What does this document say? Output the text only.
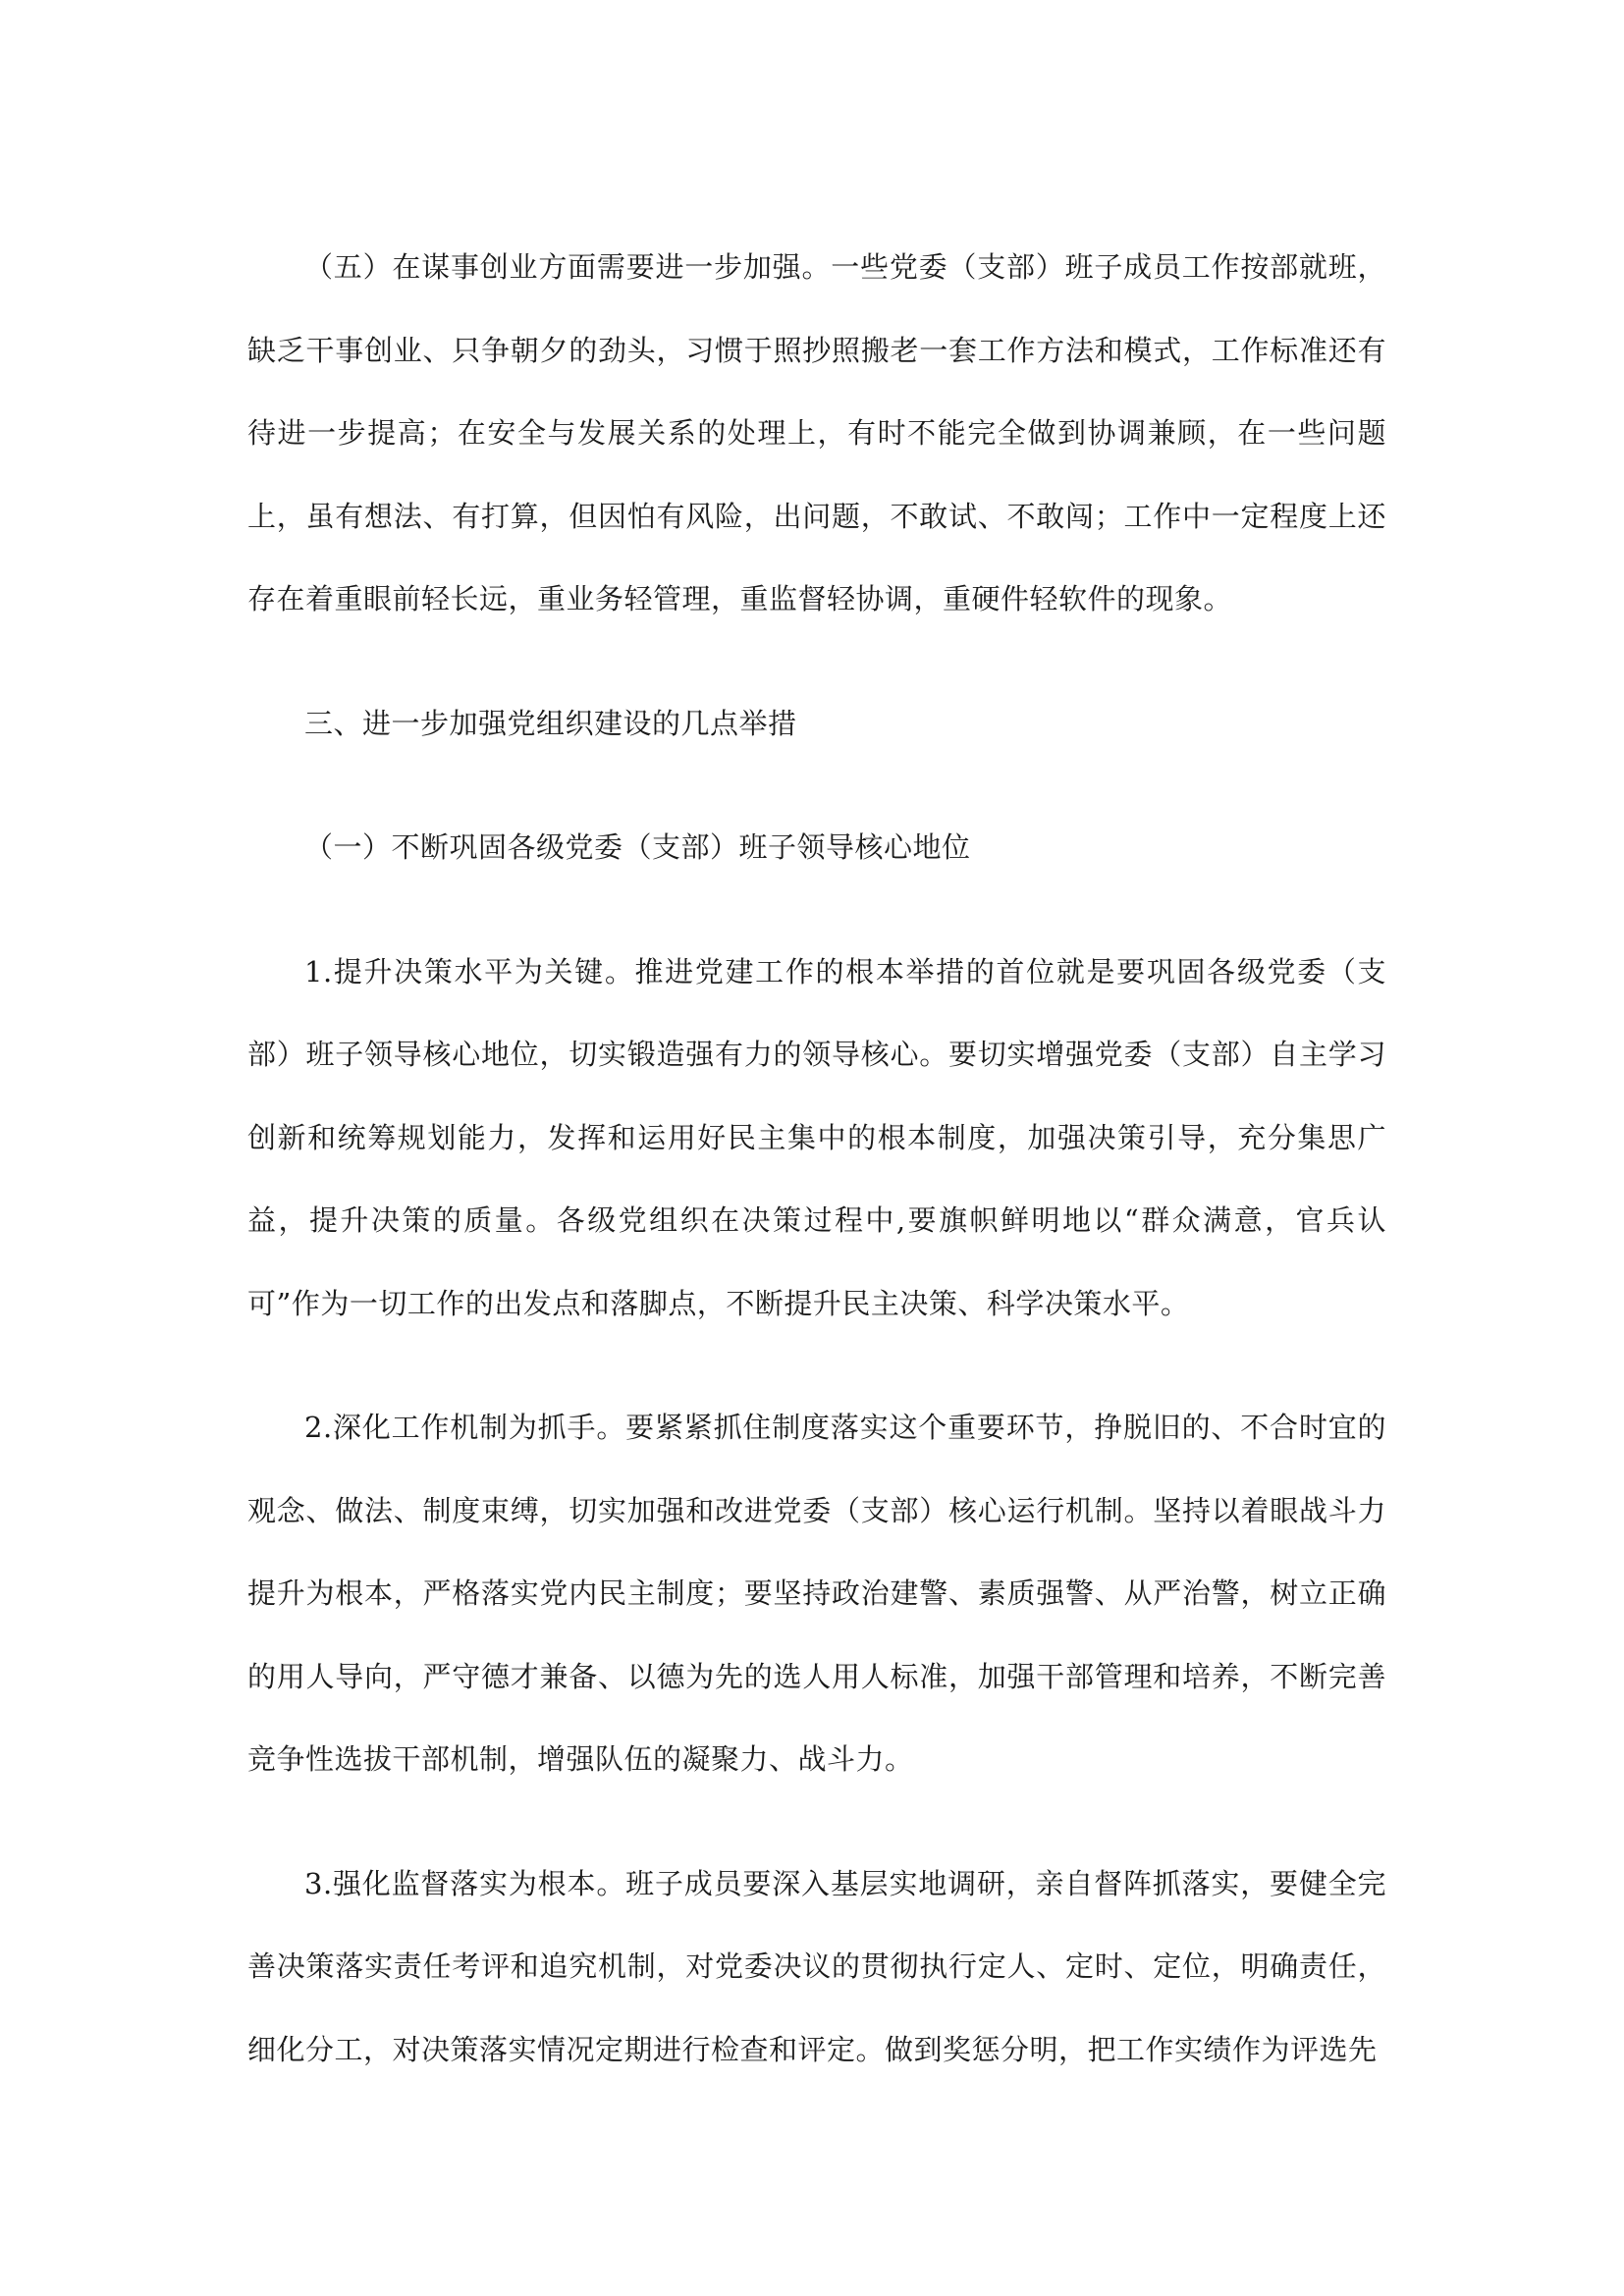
（五）在谋事创业方面需要进一步加强。一些党委（支部）班子成员工作按部就班，缺乏干事创业、只争朝夕的劲头，习惯于照抄照搬老一套工作方法和模式，工作标准还有待进一步提高；在安全与发展关系的处理上，有时不能完全做到协调兼顾，在一些问题上，虽有想法、有打算，但因怕有风险，出问题，不敢试、不敢闯；工作中一定程度上还存在着重眼前轻长远，重业务轻管理，重监督轻协调，重硬件轻软件的现象。

三、进一步加强党组织建设的几点举措

（一）不断巩固各级党委（支部）班子领导核心地位

1.提升决策水平为关键。推进党建工作的根本举措的首位就是要巩固各级党委（支部）班子领导核心地位，切实锻造强有力的领导核心。要切实增强党委（支部）自主学习创新和统筹规划能力，发挥和运用好民主集中的根本制度，加强决策引导，充分集思广益，提升决策的质量。各级党组织在决策过程中,要旗帜鲜明地以“群众满意，官兵认可”作为一切工作的出发点和落脚点，不断提升民主决策、科学决策水平。

2.深化工作机制为抓手。要紧紧抓住制度落实这个重要环节，挣脱旧的、不合时宜的观念、做法、制度束缚，切实加强和改进党委（支部）核心运行机制。坚持以着眼战斗力提升为根本，严格落实党内民主制度；要坚持政治建警、素质强警、从严治警，树立正确的用人导向，严守德才兼备、以德为先的选人用人标准，加强干部管理和培养，不断完善竞争性选拔干部机制，增强队伍的凝聚力、战斗力。

3.强化监督落实为根本。班子成员要深入基层实地调研，亲自督阵抓落实，要健全完善决策落实责任考评和追究机制，对党委决议的贯彻执行定人、定时、定位，明确责任，细化分工，对决策落实情况定期进行检查和评定。做到奖惩分明，把工作实绩作为评选先
